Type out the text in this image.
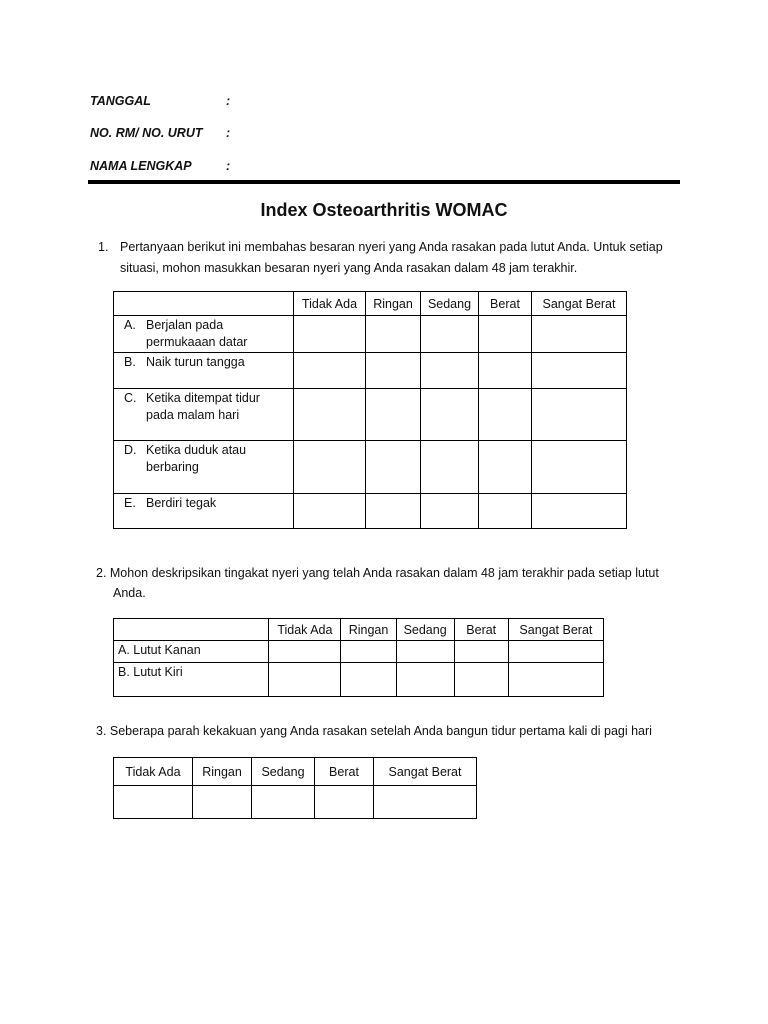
TANGGAL	:
NO. RM/ NO. URUT :
NAMA LENGKAP	:
Index Osteoarthritis WOMAC
1. Pertanyaan berikut ini membahas besaran nyeri yang Anda rasakan pada lutut Anda. Untuk setiap
situasi, mohon masukkan besaran nyeri yang Anda rasakan dalam 48 jam terakhir.
	Tidak Ada	Ringan	Sedang	Berat	Sangat Berat

A. Berjalan pada permukaaan datar					

B. Naik turun tangga					

C. Ketika ditempat tidur pada malam hari					

D. Ketika duduk atau berbaring					

E. Berdiri tegak					

2. Mohon deskripsikan tingakat nyeri yang telah Anda rasakan dalam 48 jam terakhir pada setiap lutut
Anda.
	Tidak Ada	Ringan	Sedang	Berat	Sangat Berat
A. Lutut Kanan					
B. Lutut Kiri					
3. Seberapa parah kekakuan yang Anda rasakan setelah Anda bangun tidur pertama kali di pagi hari
Tidak Ada	Ringan	Sedang	Berat	Sangat Berat
